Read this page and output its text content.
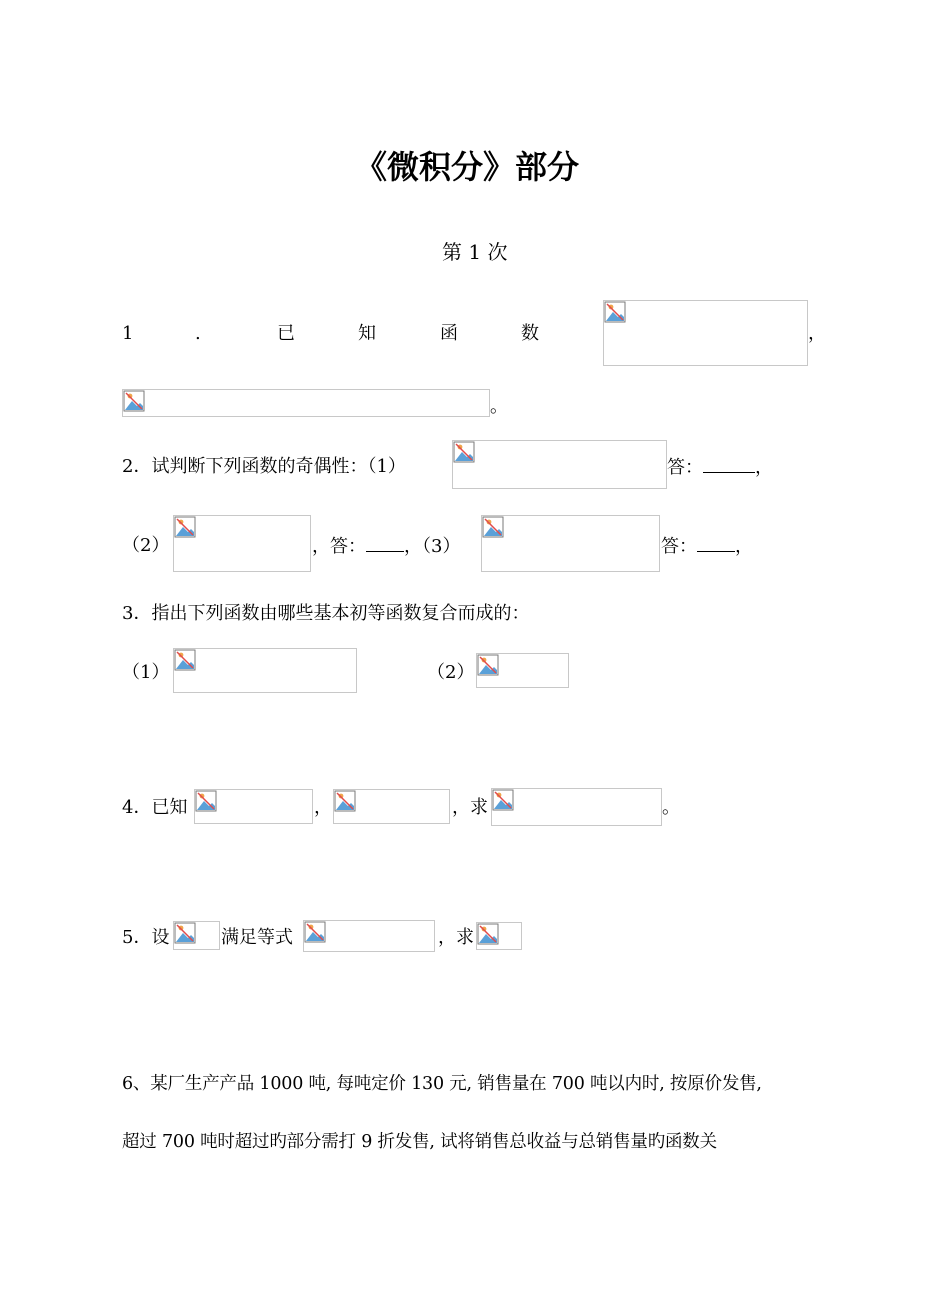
《微积分》部分
第 1 次
1	.	已	知	函	数	，
。
2．试判断下列函数的奇偶性：（1）	答：	，
（2）	，答： ，（3）	答： ，
3．指出下列函数由哪些基本初等函数复合而成的：
（1）	（2）
4．已知	，	，求	。
5．设	满足等式	，求
6、某厂生产产品 1000 吨, 每吨定价 130 元, 销售量在 700 吨以内时, 按原价发售,
超过 700 吨时超过旳部分需打 9 折发售, 试将销售总收益与总销售量旳函数关
